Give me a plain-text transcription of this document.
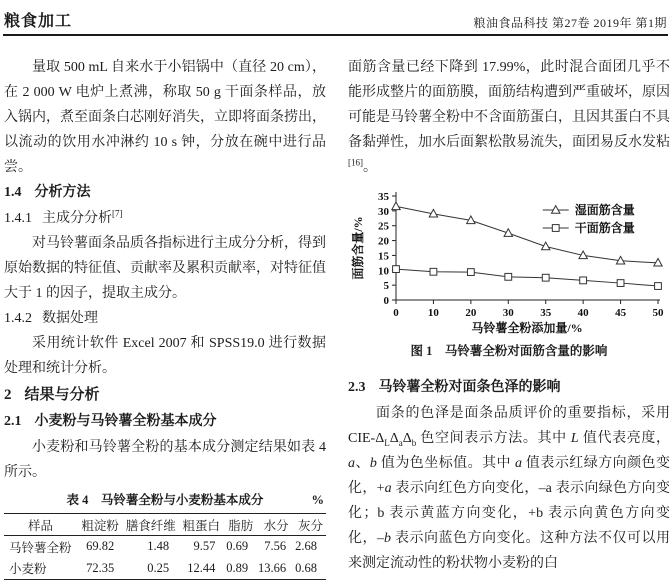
粮食加工	粮油食品科技 第27卷 2019年 第1期
量取 500 mL 自来水于小铝锅中（直径 20 cm），在 2 000 W 电炉上煮沸，称取 50 g 干面条样品，放入锅内，煮至面条白芯刚好消失，立即将面条捞出，以流动的饮用水冲淋约 10 s 钟，分放在碗中进行品尝。
1.4 分析方法
1.4.1 主成分分析[7]
对马铃薯面条品质各指标进行主成分分析，得到原始数据的特征值、贡献率及累积贡献率，对特征值大于 1 的因子，提取主成分。
1.4.2 数据处理
采用统计软件 Excel 2007 和 SPSS19.0 进行数据处理和统计分析。
2 结果与分析
2.1 小麦粉与马铃薯全粉基本成分
小麦粉和马铃薯全粉的基本成分测定结果如表 4 所示。
表 4　马铃薯全粉与小麦粉基本成分	%
样品	粗淀粉	膳食纤维	粗蛋白	脂肪	水分	灰分
马铃薯全粉	69.82	1.48	9.57	0.69	7.56	2.68
小麦粉	72.35	0.25	12.44	0.89	13.66	0.68
面筋含量已经下降到 17.99%，此时混合面团几乎不能形成整片的面筋膜，面筋结构遭到严重破坏，原因可能是马铃薯全粉中不含面筋蛋白，且因其蛋白不具备黏弹性，加水后面絮松散易流失，面团易反水发粘[16]。
0
5
10
15
20
25
30
35
0	10 20 30 35 40 45 50
马铃薯全粉添加量/%
面筋含量/%
湿面筋含量
干面筋含量
图 1　马铃薯全粉对面筋含量的影响
2.3 马铃薯全粉对面条色泽的影响
面条的色泽是面条品质评价的重要指标，采用 CIE-$\Delta_L\Delta_a\Delta_b$ 色空间表示方法。其中 L 值代表亮度，a、b 值为色坐标值。其中 a 值表示红绿方向颜色变化，+a 表示向红色方向变化，–a 表示向绿色方向变化；b 表示黄蓝方向变化，+b 表示向黄色方向变化，–b 表示向蓝色方向变化。这种方法不仅可以用来测定流动性的粉状物小麦粉的白
